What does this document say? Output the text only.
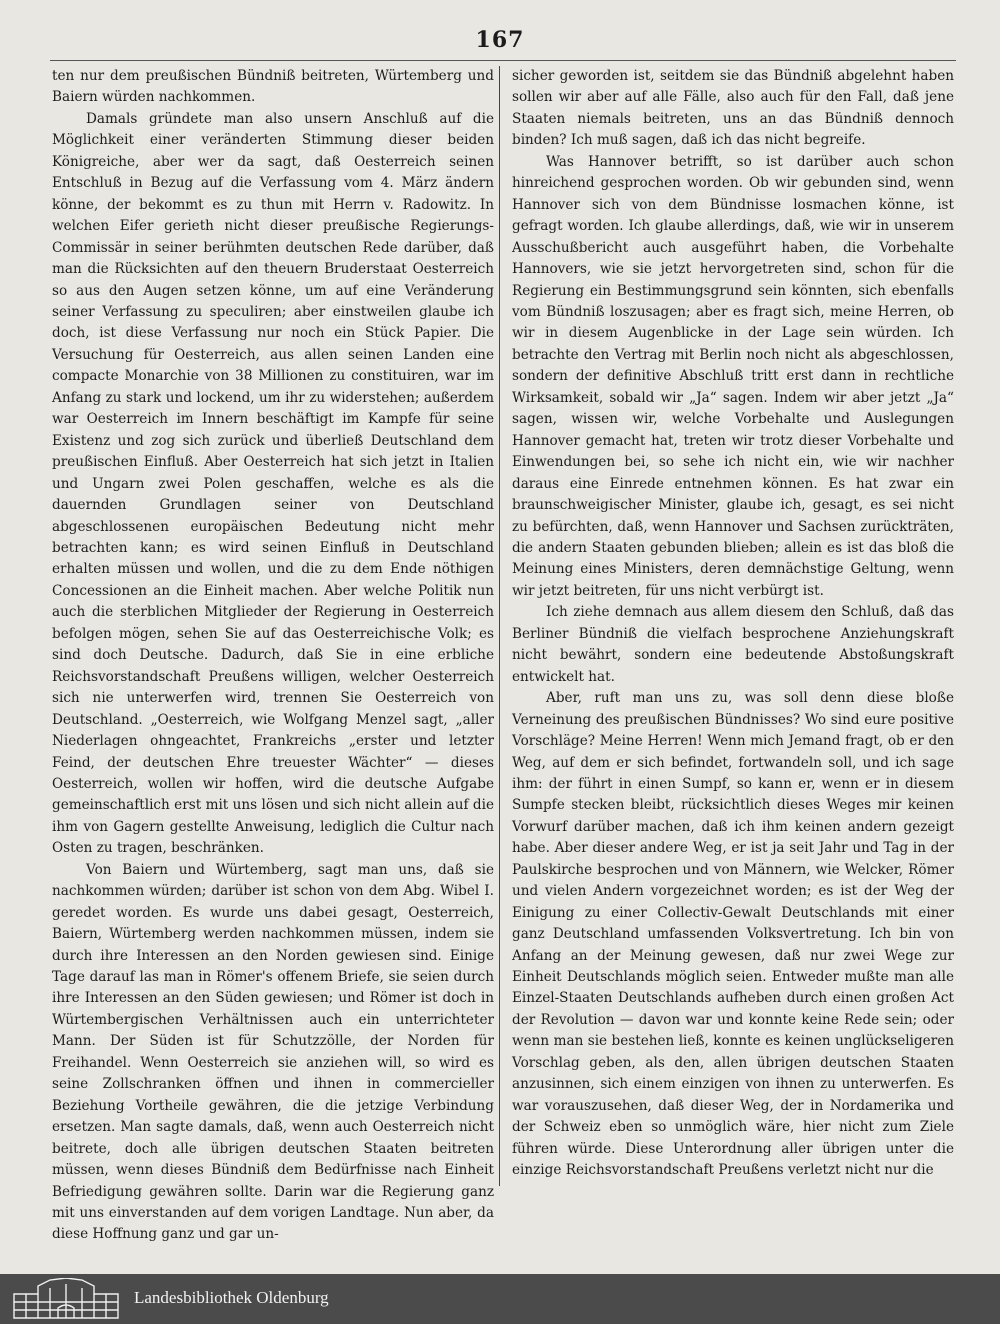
167

ten nur dem preußischen Bündniß beitreten, Würtemberg und Baiern würden nachkommen.

Damals gründete man also unsern Anschluß auf die Möglichkeit einer veränderten Stimmung dieser beiden Königreiche, aber wer da sagt, daß Oesterreich seinen Entschluß in Bezug auf die Verfassung vom 4. März ändern könne, der bekommt es zu thun mit Herrn v. Radowitz. In welchen Eifer gerieth nicht dieser preußische Regierungs-Commissär in seiner berühmten deutschen Rede darüber, daß man die Rücksichten auf den theuern Bruderstaat Oesterreich so aus den Augen setzen könne, um auf eine Veränderung seiner Verfassung zu speculiren; aber einstweilen glaube ich doch, ist diese Verfassung nur noch ein Stück Papier. Die Versuchung für Oesterreich, aus allen seinen Landen eine compacte Monarchie von 38 Millionen zu constituiren, war im Anfang zu stark und lockend, um ihr zu widerstehen; außerdem war Oesterreich im Innern beschäftigt im Kampfe für seine Existenz und zog sich zurück und überließ Deutschland dem preußischen Einfluß. Aber Oesterreich hat sich jetzt in Italien und Ungarn zwei Polen geschaffen, welche es als die dauernden Grundlagen seiner von Deutschland abgeschlossenen europäischen Bedeutung nicht mehr betrachten kann; es wird seinen Einfluß in Deutschland erhalten müssen und wollen, und die zu dem Ende nöthigen Concessionen an die Einheit machen. Aber welche Politik nun auch die sterblichen Mitglieder der Regierung in Oesterreich befolgen mögen, sehen Sie auf das Oesterreichische Volk; es sind doch Deutsche. Dadurch, daß Sie in eine erbliche Reichsvorstandschaft Preußens willigen, welcher Oesterreich sich nie unterwerfen wird, trennen Sie Oesterreich von Deutschland. „Oesterreich, wie Wolfgang Menzel sagt, „aller Niederlagen ohngeachtet, Frankreichs „erster und letzter Feind, der deutschen Ehre treuester Wächter“ — dieses Oesterreich, wollen wir hoffen, wird die deutsche Aufgabe gemeinschaftlich erst mit uns lösen und sich nicht allein auf die ihm von Gagern gestellte Anweisung, lediglich die Cultur nach Osten zu tragen, beschränken.

Von Baiern und Würtemberg, sagt man uns, daß sie nachkommen würden; darüber ist schon von dem Abg. Wibel I. geredet worden. Es wurde uns dabei gesagt, Oesterreich, Baiern, Würtemberg werden nachkommen müssen, indem sie durch ihre Interessen an den Norden gewiesen sind. Einige Tage darauf las man in Römer's offenem Briefe, sie seien durch ihre Interessen an den Süden gewiesen; und Römer ist doch in Würtembergischen Verhältnissen auch ein unterrichteter Mann. Der Süden ist für Schutzzölle, der Norden für Freihandel. Wenn Oesterreich sie anziehen will, so wird es seine Zollschranken öffnen und ihnen in commercieller Beziehung Vortheile gewähren, die die jetzige Verbindung ersetzen. Man sagte damals, daß, wenn auch Oesterreich nicht beitrete, doch alle übrigen deutschen Staaten beitreten müssen, wenn dieses Bündniß dem Bedürfnisse nach Einheit Befriedigung gewähren sollte. Darin war die Regierung ganz mit uns einverstanden auf dem vorigen Landtage. Nun aber, da diese Hoffnung ganz und gar un-

sicher geworden ist, seitdem sie das Bündniß abgelehnt haben sollen wir aber auf alle Fälle, also auch für den Fall, daß jene Staaten niemals beitreten, uns an das Bündniß dennoch binden? Ich muß sagen, daß ich das nicht begreife.

Was Hannover betrifft, so ist darüber auch schon hinreichend gesprochen worden. Ob wir gebunden sind, wenn Hannover sich von dem Bündnisse losmachen könne, ist gefragt worden. Ich glaube allerdings, daß, wie wir in unserem Ausschußbericht auch ausgeführt haben, die Vorbehalte Hannovers, wie sie jetzt hervorgetreten sind, schon für die Regierung ein Bestimmungsgrund sein könnten, sich ebenfalls vom Bündniß loszusagen; aber es fragt sich, meine Herren, ob wir in diesem Augenblicke in der Lage sein würden. Ich betrachte den Vertrag mit Berlin noch nicht als abgeschlossen, sondern der definitive Abschluß tritt erst dann in rechtliche Wirksamkeit, sobald wir „Ja“ sagen. Indem wir aber jetzt „Ja“ sagen, wissen wir, welche Vorbehalte und Auslegungen Hannover gemacht hat, treten wir trotz dieser Vorbehalte und Einwendungen bei, so sehe ich nicht ein, wie wir nachher daraus eine Einrede entnehmen können. Es hat zwar ein braunschweigischer Minister, glaube ich, gesagt, es sei nicht zu befürchten, daß, wenn Hannover und Sachsen zurückträten, die andern Staaten gebunden blieben; allein es ist das bloß die Meinung eines Ministers, deren demnächstige Geltung, wenn wir jetzt beitreten, für uns nicht verbürgt ist.

Ich ziehe demnach aus allem diesem den Schluß, daß das Berliner Bündniß die vielfach besprochene Anziehungskraft nicht bewährt, sondern eine bedeutende Abstoßungskraft entwickelt hat.

Aber, ruft man uns zu, was soll denn diese bloße Verneinung des preußischen Bündnisses? Wo sind eure positive Vorschläge? Meine Herren! Wenn mich Jemand fragt, ob er den Weg, auf dem er sich befindet, fortwandeln soll, und ich sage ihm: der führt in einen Sumpf, so kann er, wenn er in diesem Sumpfe stecken bleibt, rücksichtlich dieses Weges mir keinen Vorwurf darüber machen, daß ich ihm keinen andern gezeigt habe. Aber dieser andere Weg, er ist ja seit Jahr und Tag in der Paulskirche besprochen und von Männern, wie Welcker, Römer und vielen Andern vorgezeichnet worden; es ist der Weg der Einigung zu einer Collectiv-Gewalt Deutschlands mit einer ganz Deutschland umfassenden Volksvertretung. Ich bin von Anfang an der Meinung gewesen, daß nur zwei Wege zur Einheit Deutschlands möglich seien. Entweder mußte man alle Einzel-Staaten Deutschlands aufheben durch einen großen Act der Revolution — davon war und konnte keine Rede sein; oder wenn man sie bestehen ließ, konnte es keinen unglückseligeren Vorschlag geben, als den, allen übrigen deutschen Staaten anzusinnen, sich einem einzigen von ihnen zu unterwerfen. Es war vorauszusehen, daß dieser Weg, der in Nordamerika und der Schweiz eben so unmöglich wäre, hier nicht zum Ziele führen würde. Diese Unterordnung aller übrigen unter die einzige Reichsvorstandschaft Preußens verletzt nicht nur die

Landesbibliothek Oldenburg
